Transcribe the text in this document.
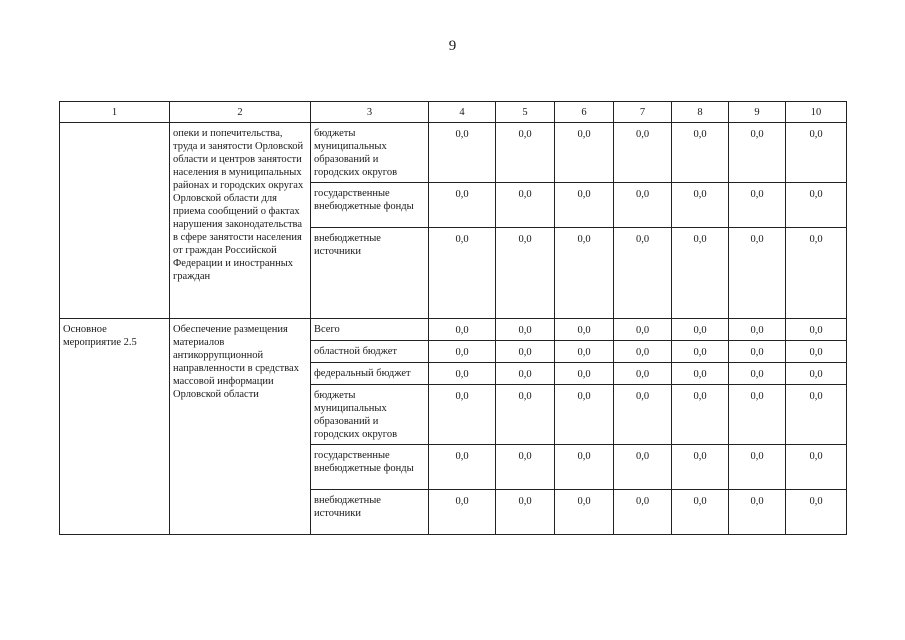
9
1	2	3	4	5	6	7	8	9	10
	опеки и попечительства, труда и занятости Орловской области и центров занятости населения в муниципальных районах и городских округах Орловской области для приема сообщений о фактах нарушения законодательства в сфере занятости населения от граждан Российской Федерации и иностранных граждан	бюджеты муниципальных образований и городских округов	0,0	0,0	0,0	0,0	0,0	0,0	0,0
		государственные внебюджетные фонды	0,0	0,0	0,0	0,0	0,0	0,0	0,0
		внебюджетные источники	0,0	0,0	0,0	0,0	0,0	0,0	0,0
Основное мероприятие 2.5	Обеспечение размещения материалов антикоррупционной направленности в средствах массовой информации Орловской области	Всего	0,0	0,0	0,0	0,0	0,0	0,0	0,0
		областной бюджет	0,0	0,0	0,0	0,0	0,0	0,0	0,0
		федеральный бюджет	0,0	0,0	0,0	0,0	0,0	0,0	0,0
		бюджеты муниципальных образований и городских округов	0,0	0,0	0,0	0,0	0,0	0,0	0,0
		государственные внебюджетные фонды	0,0	0,0	0,0	0,0	0,0	0,0	0,0
		внебюджетные источники	0,0	0,0	0,0	0,0	0,0	0,0	0,0
